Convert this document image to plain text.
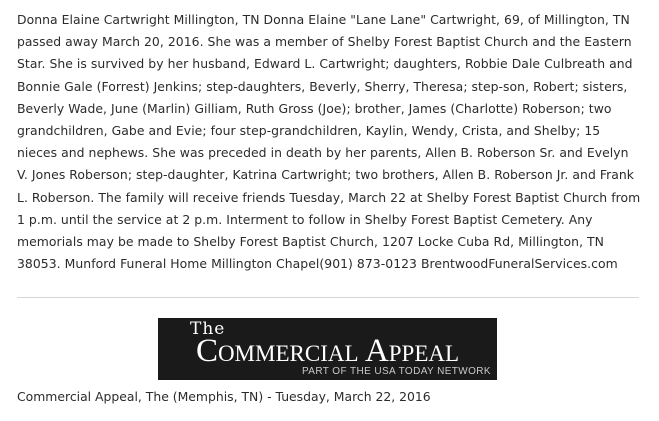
Donna Elaine Cartwright Millington, TN Donna Elaine "Lane Lane" Cartwright, 69, of Millington, TN passed away March 20, 2016. She was a member of Shelby Forest Baptist Church and the Eastern Star. She is survived by her husband, Edward L. Cartwright; daughters, Robbie Dale Culbreath and Bonnie Gale (Forrest) Jenkins; step-daughters, Beverly, Sherry, Theresa; step-son, Robert; sisters, Beverly Wade, June (Marlin) Gilliam, Ruth Gross (Joe); brother, James (Charlotte) Roberson; two grandchildren, Gabe and Evie; four step-grandchildren, Kaylin, Wendy, Crista, and Shelby; 15 nieces and nephews. She was preceded in death by her parents, Allen B. Roberson Sr. and Evelyn V. Jones Roberson; step-daughter, Katrina Cartwright; two brothers, Allen B. Roberson Jr. and Frank L. Roberson. The family will receive friends Tuesday, March 22 at Shelby Forest Baptist Church from 1 p.m. until the service at 2 p.m. Interment to follow in Shelby Forest Baptist Cemetery. Any memorials may be made to Shelby Forest Baptist Church, 1207 Locke Cuba Rd, Millington, TN 38053. Munford Funeral Home Millington Chapel(901) 873-0123 BrentwoodFuneralServices.com

The
Commercial Appeal
PART OF THE USA TODAY NETWORK

Commercial Appeal, The (Memphis, TN) - Tuesday, March 22, 2016
